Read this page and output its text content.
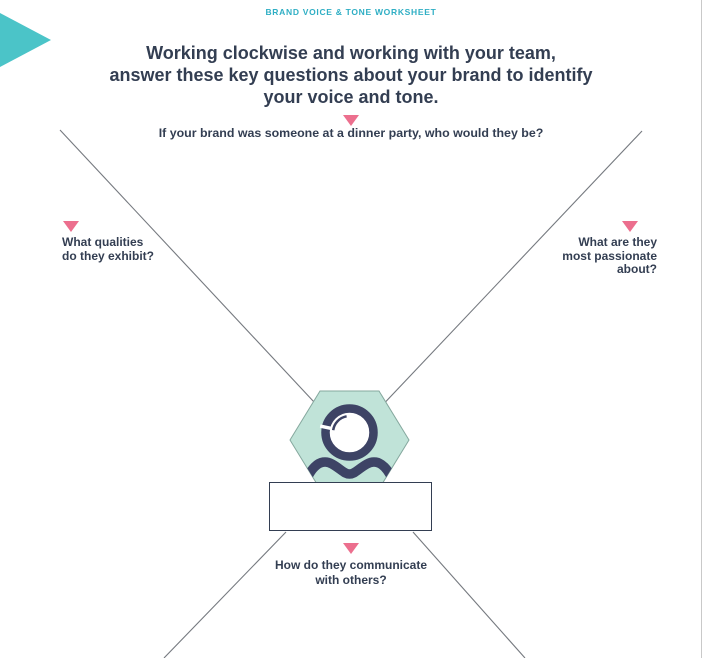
BRAND VOICE & TONE WORKSHEET
Working clockwise and working with your team,
answer these key questions about your brand to identify
your voice and tone.
If your brand was someone at a dinner party, who would they be?
What qualities
do they exhibit?
What are they
most passionate
about?
How do they communicate
with others?
